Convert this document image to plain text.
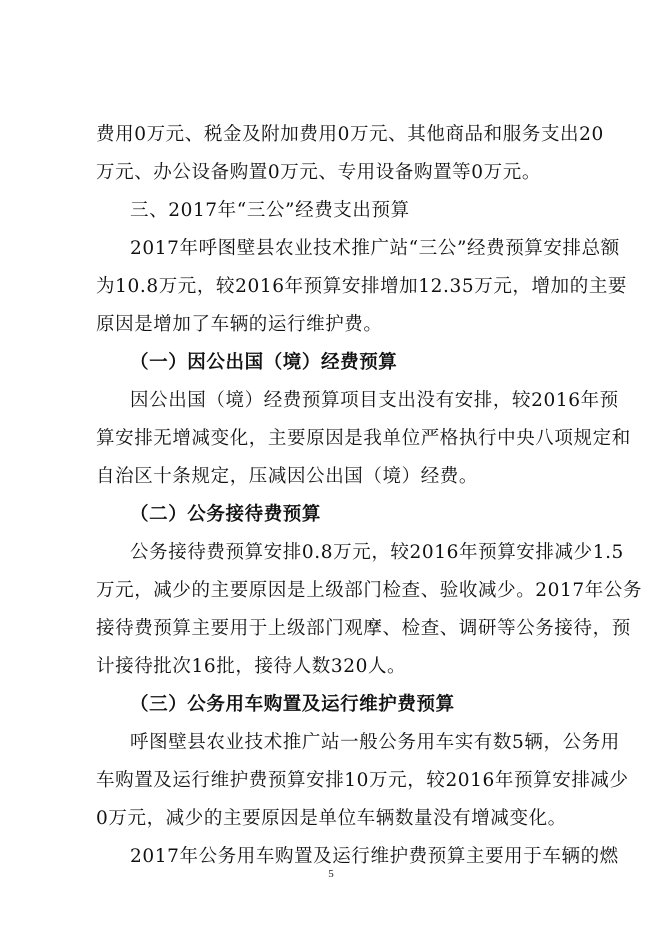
费用0万元、税金及附加费用0万元、其他商品和服务支出20
万元、办公设备购置0万元、专用设备购置等0万元。
三、2017年“三公”经费支出预算
2017年呼图壁县农业技术推广站“三公”经费预算安排总额
为10.8万元，较2016年预算安排增加12.35万元，增加的主要
原因是增加了车辆的运行维护费。
（一）因公出国（境）经费预算
因公出国（境）经费预算项目支出没有安排，较2016年预
算安排无增减变化，主要原因是我单位严格执行中央八项规定和
自治区十条规定，压减因公出国（境）经费。
（二）公务接待费预算
公务接待费预算安排0.8万元，较2016年预算安排减少1.5
万元，减少的主要原因是上级部门检查、验收减少。2017年公务
接待费预算主要用于上级部门观摩、检查、调研等公务接待，预
计接待批次16批，接待人数320人。
（三）公务用车购置及运行维护费预算
呼图壁县农业技术推广站一般公务用车实有数5辆，公务用
车购置及运行维护费预算安排10万元，较2016年预算安排减少
0万元，减少的主要原因是单位车辆数量没有增减变化。
2017年公务用车购置及运行维护费预算主要用于车辆的燃
5
